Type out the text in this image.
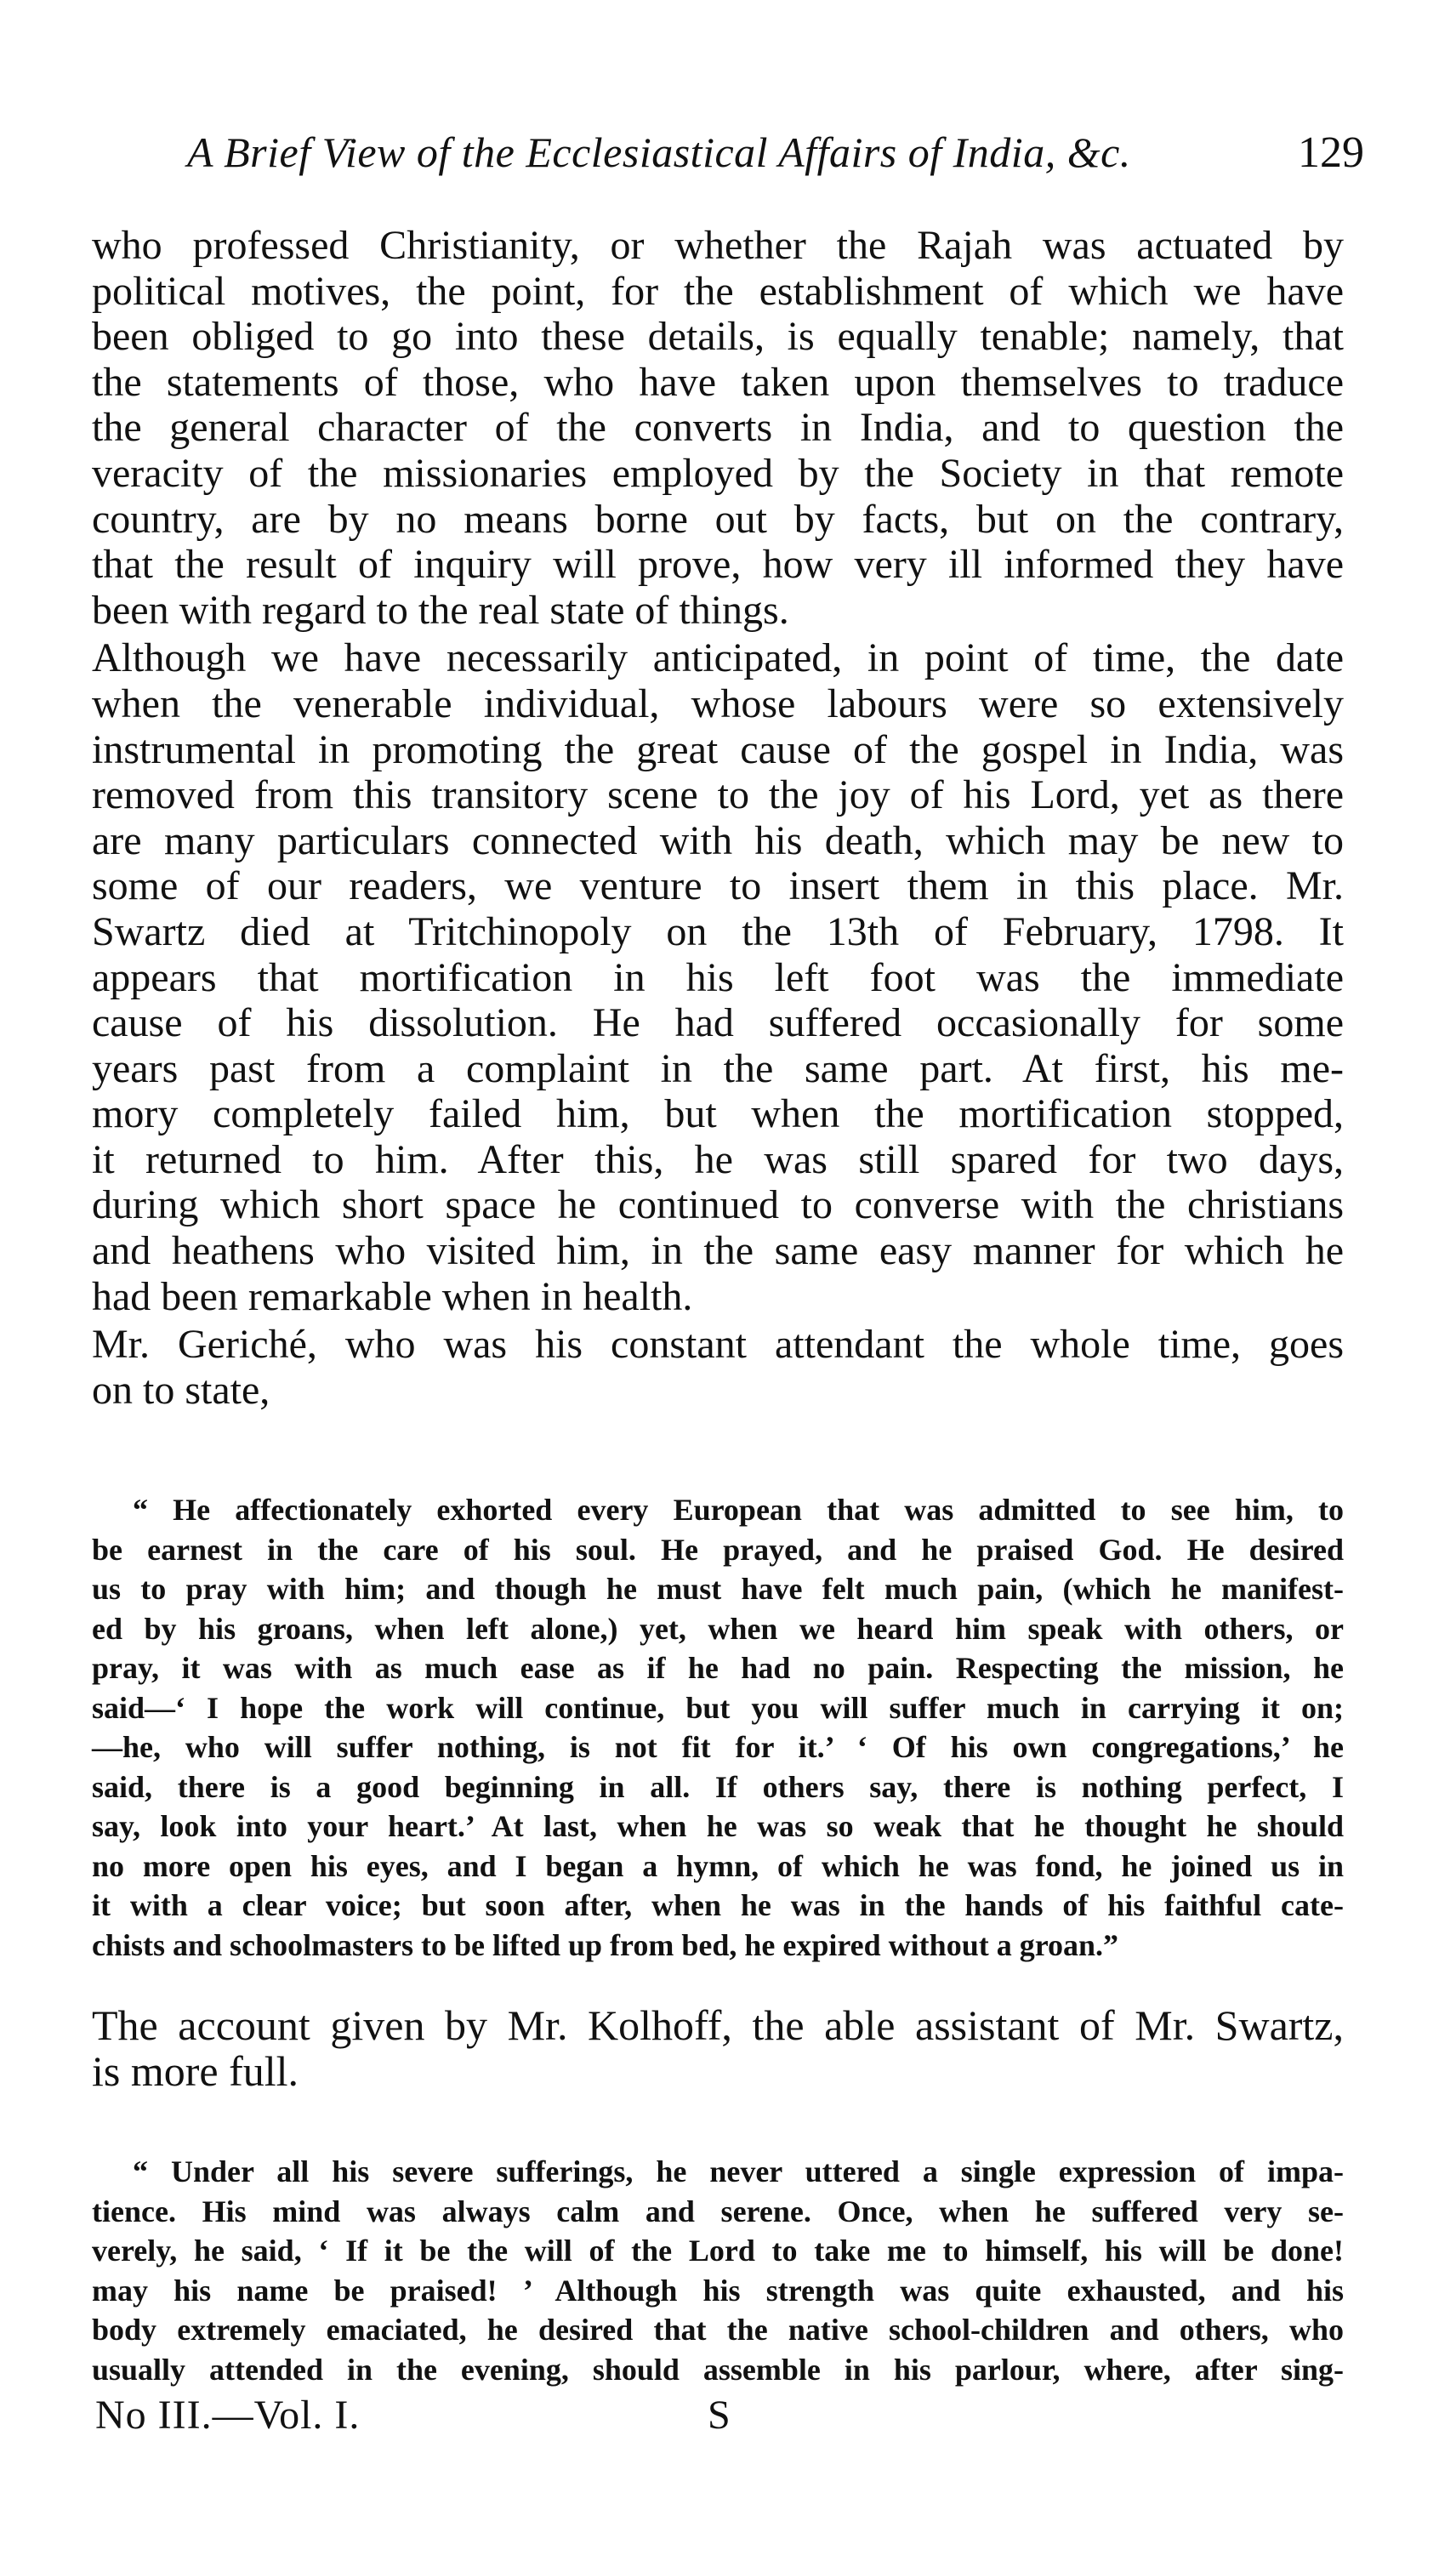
A Brief View of the Ecclesiastical Affairs of India, &c.	129

who professed Christianity, or whether the Rajah was actuated by
political motives, the point, for the establishment of which we have
been obliged to go into these details, is equally tenable; namely, that
the statements of those, who have taken upon themselves to traduce
the general character of the converts in India, and to question the
veracity of the missionaries employed by the Society in that remote
country, are by no means borne out by facts, but on the contrary,
that the result of inquiry will prove, how very ill informed they have
been with regard to the real state of things.

Although we have necessarily anticipated, in point of time, the date
when the venerable individual, whose labours were so extensively
instrumental in promoting the great cause of the gospel in India, was
removed from this transitory scene to the joy of his Lord, yet as there
are many particulars connected with his death, which may be new to
some of our readers, we venture to insert them in this place. Mr.
Swartz died at Tritchinopoly on the 13th of February, 1798. It
appears that mortification in his left foot was the immediate
cause of his dissolution. He had suffered occasionally for some
years past from a complaint in the same part. At first, his me-
mory completely failed him, but when the mortification stopped,
it returned to him. After this, he was still spared for two days,
during which short space he continued to converse with the christians
and heathens who visited him, in the same easy manner for which he
had been remarkable when in health.

Mr. Geriché, who was his constant attendant the whole time, goes
on to state,

“ He affectionately exhorted every European that was admitted to see him, to
be earnest in the care of his soul. He prayed, and he praised God. He desired
us to pray with him; and though he must have felt much pain, (which he manifest-
ed by his groans, when left alone,) yet, when we heard him speak with others, or
pray, it was with as much ease as if he had no pain. Respecting the mission, he
said—‘ I hope the work will continue, but you will suffer much in carrying it on;
—he, who will suffer nothing, is not fit for it.’ ‘ Of his own congregations,’ he
said, there is a good beginning in all. If others say, there is nothing perfect, I
say, look into your heart.’ At last, when he was so weak that he thought he should
no more open his eyes, and I began a hymn, of which he was fond, he joined us in
it with a clear voice; but soon after, when he was in the hands of his faithful cate-
chists and schoolmasters to be lifted up from bed, he expired without a groan.”
The account given by Mr. Kolhoff, the able assistant of Mr. Swartz,
is more full.
“ Under all his severe sufferings, he never uttered a single expression of impa-
tience. His mind was always calm and serene. Once, when he suffered very se-
verely, he said, ‘ If it be the will of the Lord to take me to himself, his will be done!
may his name be praised! ’ Although his strength was quite exhausted, and his
body extremely emaciated, he desired that the native school-children and others, who
usually attended in the evening, should assemble in his parlour, where, after sing-
No III.—Vol. I.	S
